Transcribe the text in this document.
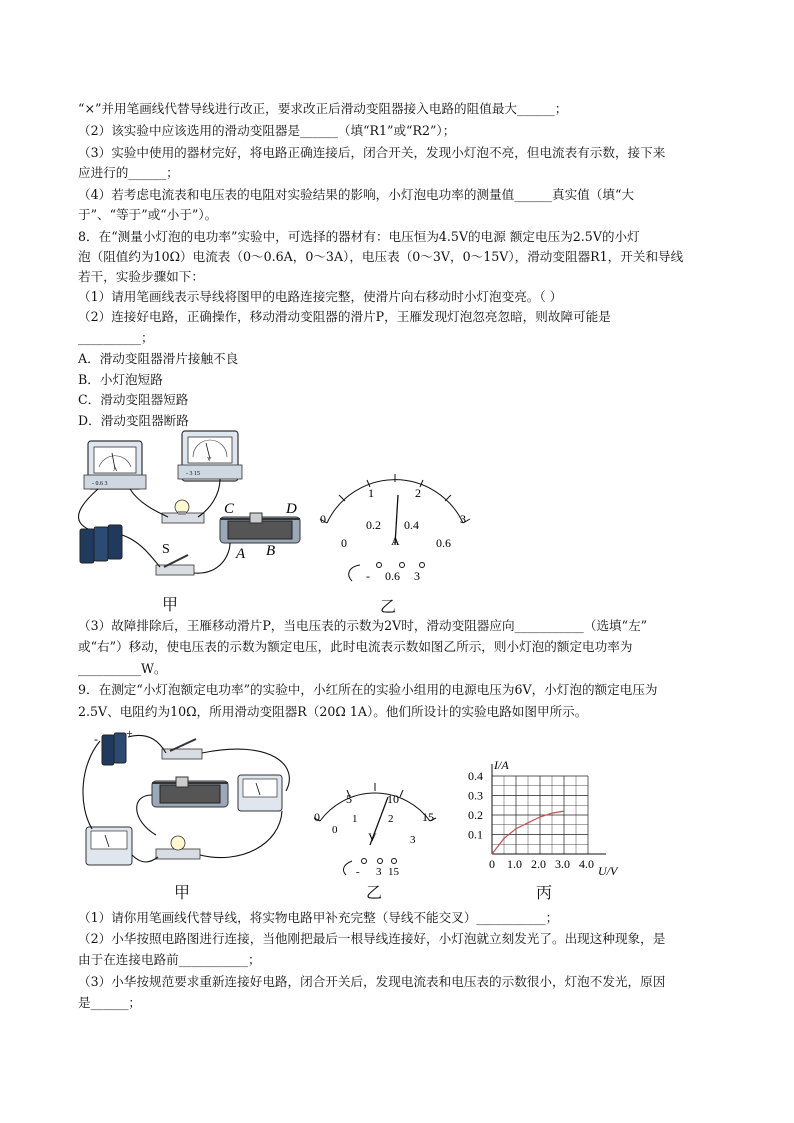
“×”并用笔画线代替导线进行改正，要求改正后滑动变阻器接入电路的阻值最大______；
（2）该实验中应该选用的滑动变阻器是______（填“R1”或“R2”）；
（3）实验中使用的器材完好，将电路正确连接后，闭合开关，发现小灯泡不亮，但电流表有示数，接下来
应进行的______；
（4）若考虑电流表和电压表的电阻对实验结果的影响，小灯泡电功率的测量值______真实值（填“大
于”、“等于”或“小于”）。
8．在“测量小灯泡的电功率”实验中，可选择的器材有：电压恒为4.5V的电源 额定电压为2.5V的小灯
泡（阻值约为10Ω）电流表（0～0.6A，0～3A），电压表（0～3V，0～15V），滑动变阻器R1，开关和导线
若干，实验步骤如下：
（1）请用笔画线表示导线将图甲的电路连接完整，使滑片向右移动时小灯泡变亮。（ ）
（2）连接好电路，正确操作，移动滑动变阻器的滑片P，王雁发现灯泡忽亮忽暗，则故障可能是
__________；
A．滑动变阻器滑片接触不良
B．小灯泡短路
C．滑动变阻器短路
D．滑动变阻器断路
（3）故障排除后，王雁移动滑片P，当电压表的示数为2V时，滑动变阻器应向___________（选填“左”
或“右”）移动，使电压表的示数为额定电压，此时电流表示数如图乙所示，则小灯泡的额定电功率为
__________W。
9．在测定“小灯泡额定电功率”的实验中，小红所在的实验小组用的电源电压为6V，小灯泡的额定电压为
2.5V、电阻约为10Ω，所用滑动变阻器R（20Ω 1A）。他们所设计的实验电路如图甲所示。
（1）请你用笔画线代替导线，将实物电路甲补充完整（导线不能交叉）___________；
（2）小华按照电路图进行连接，当他刚把最后一根导线连接好，小灯泡就立刻发光了。出现这种现象，是
由于在连接电路前___________；
（3）小华按规范要求重新连接好电路，闭合开关后，发现电流表和电压表的示数很小，灯泡不发光，原因
是______；
A
- 0.6 3
V
- 3 15
S
C	D
A B
A
0
1	2
3
0
0.2 0.4
0.6
- 0.6 3
甲	乙
- +
V
0
5	10
15
0
1	2
3
- 3 15
甲	乙
0 1.0 2.0 3.0 4.0
0.1
0.2
0.3
0.4
I/A
U/V
丙
